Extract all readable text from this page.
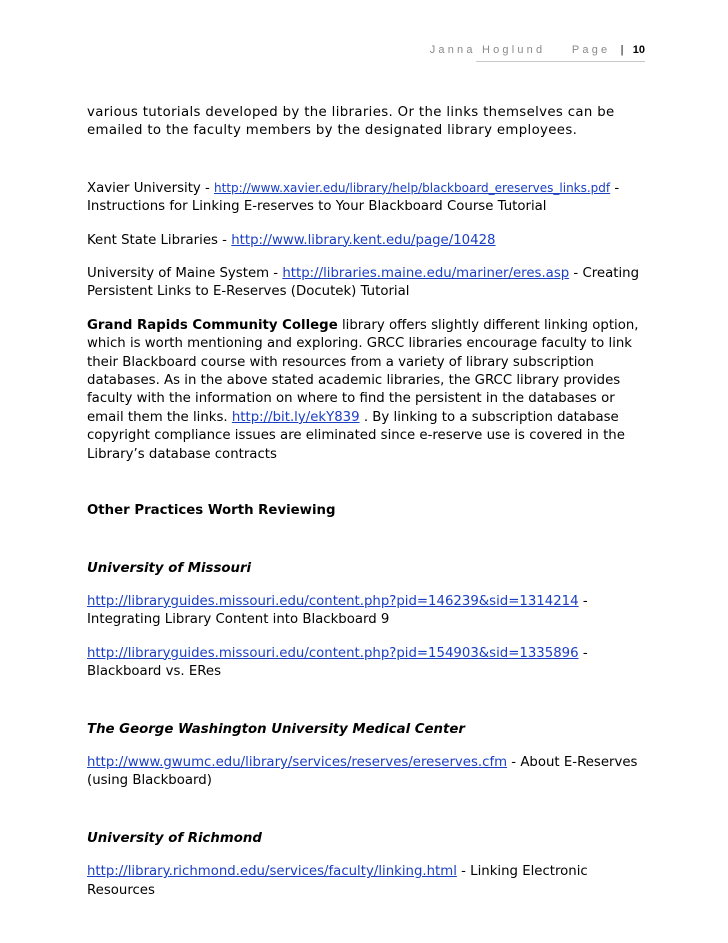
Janna Hoglund Page | 10

various tutorials developed by the libraries. Or the links themselves can be emailed to the faculty members by the designated library employees.

Xavier University - http://www.xavier.edu/library/help/blackboard_ereserves_links.pdf - Instructions for Linking E-reserves to Your Blackboard Course Tutorial

Kent State Libraries - http://www.library.kent.edu/page/10428

University of Maine System - http://libraries.maine.edu/mariner/eres.asp - Creating Persistent Links to E-Reserves (Docutek) Tutorial

Grand Rapids Community College library offers slightly different linking option, which is worth mentioning and exploring. GRCC libraries encourage faculty to link their Blackboard course with resources from a variety of library subscription databases. As in the above stated academic libraries, the GRCC library provides faculty with the information on where to find the persistent in the databases or email them the links. http://bit.ly/ekY839 . By linking to a subscription database copyright compliance issues are eliminated since e-reserve use is covered in the Library’s database contracts

Other Practices Worth Reviewing

University of Missouri

http://libraryguides.missouri.edu/content.php?pid=146239&sid=1314214 - Integrating Library Content into Blackboard 9

http://libraryguides.missouri.edu/content.php?pid=154903&sid=1335896 - Blackboard vs. ERes

The George Washington University Medical Center

http://www.gwumc.edu/library/services/reserves/ereserves.cfm - About E-Reserves (using Blackboard)

University of Richmond

http://library.richmond.edu/services/faculty/linking.html - Linking Electronic Resources
